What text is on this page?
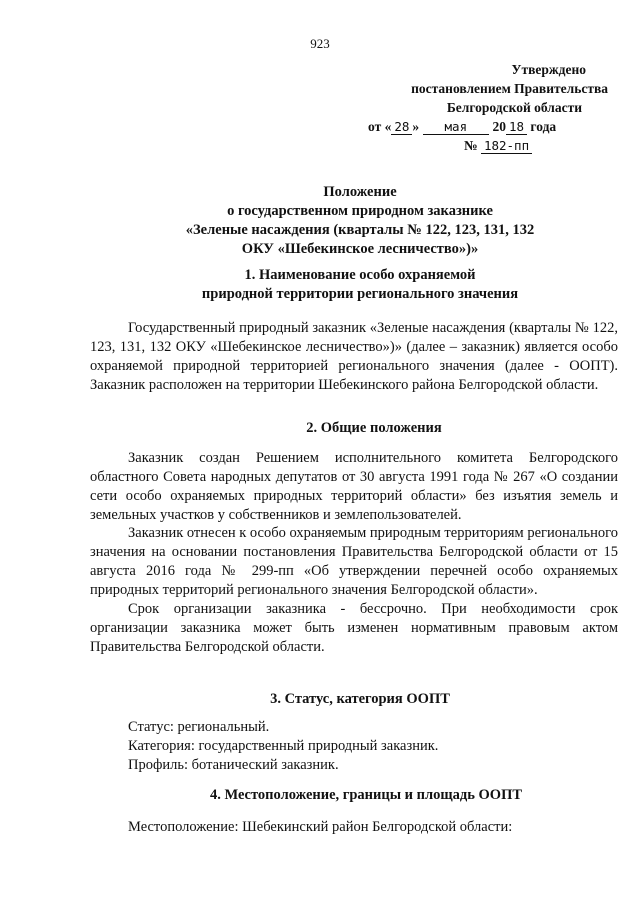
923
Утверждено
постановлением Правительства
Белгородской области
от « 28 » мая 20 18 года
№ 182-пп
Положение
о государственном природном заказнике
«Зеленые насаждения (кварталы № 122, 123, 131, 132
ОКУ «Шебекинское лесничество»)»
1. Наименование особо охраняемой
природной территории регионального значения
Государственный природный заказник «Зеленые насаждения (кварталы № 122, 123, 131, 132 ОКУ «Шебекинское лесничество»)» (далее – заказник) является особо охраняемой природной территорией регионального значения (далее - ООПТ). Заказник расположен на территории Шебекинского района Белгородской области.
2. Общие положения
Заказник создан Решением исполнительного комитета Белгородского областного Совета народных депутатов от 30 августа 1991 года № 267 «О создании сети особо охраняемых природных территорий области» без изъятия земель и земельных участков у собственников и землепользователей.
Заказник отнесен к особо охраняемым природным территориям регионального значения на основании постановления Правительства Белгородской области от 15 августа 2016 года № 299-пп «Об утверждении перечней особо охраняемых природных территорий регионального значения Белгородской области».
Срок организации заказника - бессрочно. При необходимости срок организации заказника может быть изменен нормативным правовым актом Правительства Белгородской области.
3. Статус, категория ООПТ
Статус: региональный.
Категория: государственный природный заказник.
Профиль: ботанический заказник.
4. Местоположение, границы и площадь ООПТ
Местоположение: Шебекинский район Белгородской области:
